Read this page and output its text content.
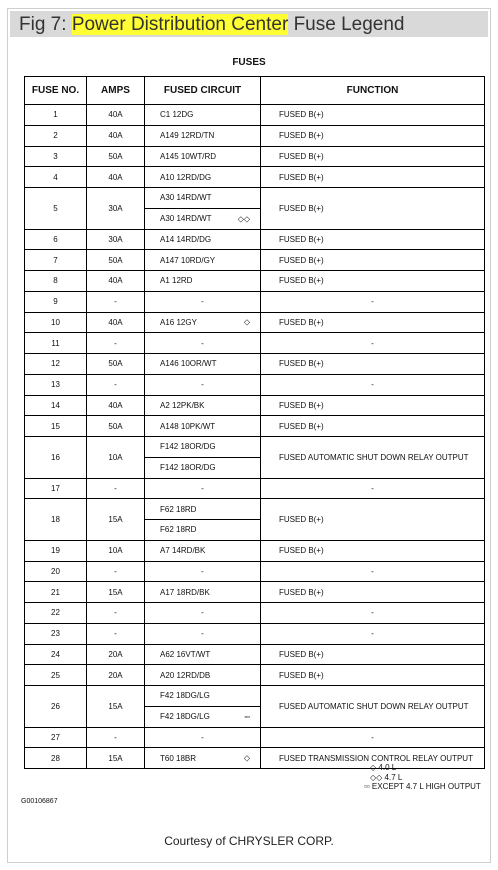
Fig 7: Power Distribution Center Fuse Legend
FUSES
FUSE NO.	AMPS	FUSED CIRCUIT	FUNCTION
1	40A	C1 12DG	FUSED B(+)
2	40A	A149 12RD/TN	FUSED B(+)
3	50A	A145 10WT/RD	FUSED B(+)
4	40A	A10 12RD/DG	FUSED B(+)
5	30A	A30 14RD/WT	FUSED B(+)
		A30 14RD/WT ◇◇	

6	30A	A14 14RD/DG	FUSED B(+)
7	50A	A147 10RD/GY	FUSED B(+)
8	40A	A1 12RD	FUSED B(+)
9	-	-	-
10	40A	A16 12GY ◇	FUSED B(+)
11	-	-	-
12	50A	A146 10OR/WT	FUSED B(+)
13	-	-	-
14	40A	A2 12PK/BK	FUSED B(+)
15	50A	A148 10PK/WT	FUSED B(+)
16	10A	F142 18OR/DG	FUSED AUTOMATIC SHUT DOWN RELAY OUTPUT
		F142 18OR/DG	
17	-	-	-
18	15A	F62 18RD	FUSED B(+)
		F62 18RD	
19	10A	A7 14RD/BK	FUSED B(+)
20	-	-	-
21	15A	A17 18RD/BK	FUSED B(+)
22	-	-	-
23	-	-	-
24	20A	A62 16VT/WT	FUSED B(+)
25	20A	A20 12RD/DB	FUSED B(+)
26	15A	F42 18DG/LG	FUSED AUTOMATIC SHUT DOWN RELAY OUTPUT
		F42 18DG/LG ▫▫	

27	-	-	-
28	15A	T60 18BR ◇	FUSED TRANSMISSION CONTROL RELAY OUTPUT
◇ 4.0 L
◇◇ 4.7 L
▫▫ EXCEPT 4.7 L HIGH OUTPUT
G00106867
Courtesy of CHRYSLER CORP.
